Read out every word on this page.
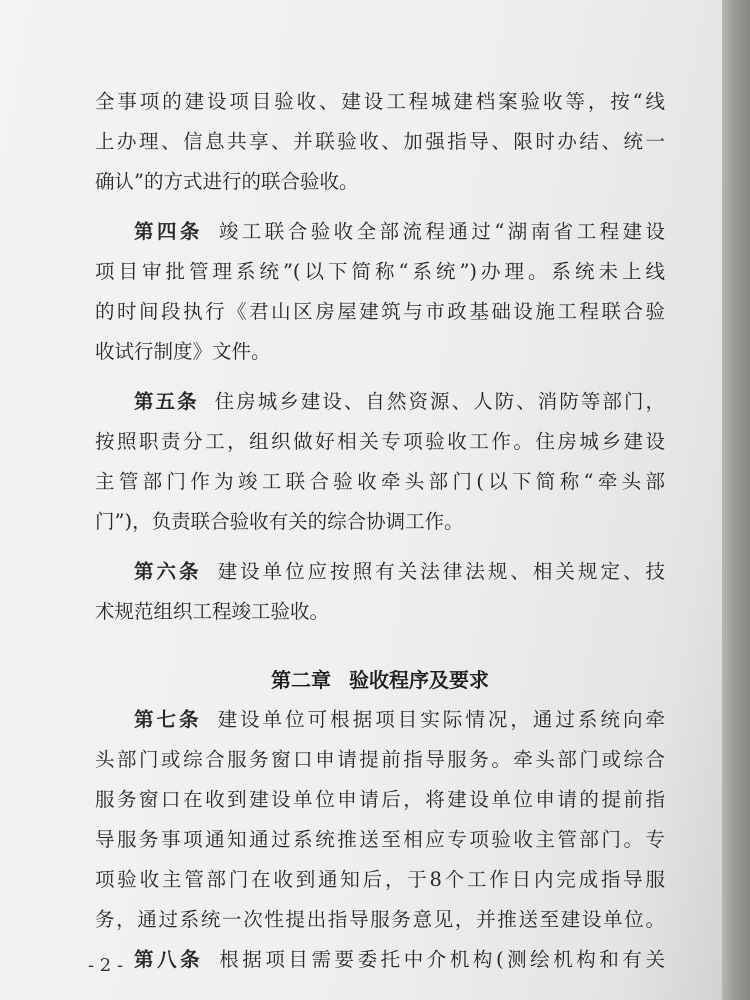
全事项的建设项目验收、建设工程城建档案验收等，按“线
上办理、信息共享、并联验收、加强指导、限时办结、统一
确认”的方式进行的联合验收。
第四条 竣工联合验收全部流程通过“湖南省工程建设
项目审批管理系统”(以下简称“系统”)办理。系统未上线
的时间段执行《君山区房屋建筑与市政基础设施工程联合验
收试行制度》文件。
第五条 住房城乡建设、自然资源、人防、消防等部门，
按照职责分工，组织做好相关专项验收工作。住房城乡建设
主管部门作为竣工联合验收牵头部门(以下简称“牵头部
门”)，负责联合验收有关的综合协调工作。
第六条 建设单位应按照有关法律法规、相关规定、技
术规范组织工程竣工验收。
第二章 验收程序及要求
第七条 建设单位可根据项目实际情况，通过系统向牵
头部门或综合服务窗口申请提前指导服务。牵头部门或综合
服务窗口在收到建设单位申请后，将建设单位申请的提前指
导服务事项通知通过系统推送至相应专项验收主管部门。专
项验收主管部门在收到通知后，于8个工作日内完成指导服
务，通过系统一次性提出指导服务意见，并推送至建设单位。
第八条 根据项目需要委托中介机构(测绘机构和有关
- 2 -
